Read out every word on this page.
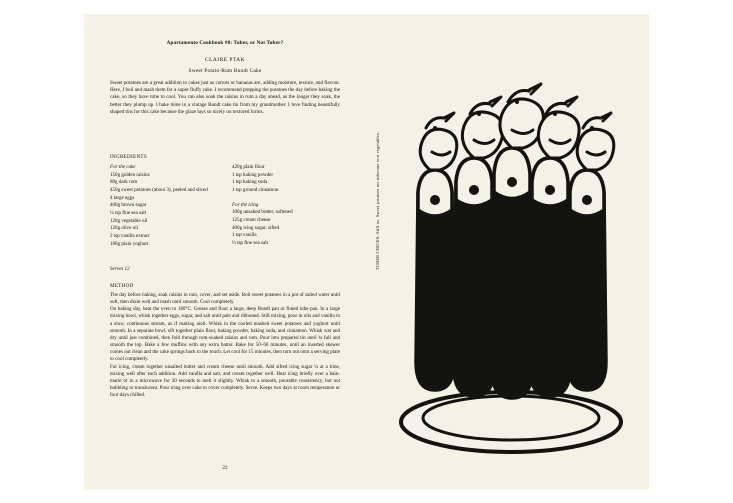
Apartamento Cookbook #8: Tuber, or Not Tuber?
CLAIRE PTAK
Sweet Potato-Rum Bundt Cake
Sweet potatoes are a great addition to cakes just as carrots or bananas are, adding moisture, texture, and flavour. Here, I boil and mash them for a super fluffy cake. I recommend prepping the potatoes the day before baking the cake, so they have time to cool. You can also soak the raisins in rum a day ahead, as the longer they soak, the better they plump up. I bake mine in a vintage Bundt cake tin from my grandmother. I love finding beautifully shaped tins for this cake because the glaze lays so nicely on textured forms.
INGREDIENTS
For the cake
150g golden raisins
80g dark rum
450g sweet potatoes (about 3), peeled and sliced
4 large eggs
400g brown sugar
¼ tsp fine sea salt
120g vegetable oil
120g olive oil
2 tsp vanilla extract
180g plain yoghurt
420g plain flour
1 tsp baking powder
1 tsp baking soda
1 tsp ground cinnamon
For the icing
100g unsalted butter, softened
125g cream cheese
400g icing sugar, sifted
1 tsp vanilla
½ tsp fine sea salt
Serves 12
METHOD

The day before baking, soak raisins in rum, cover, and set aside. Boil sweet potatoes in a pot of salted water until soft, then drain well and mash until smooth. Cool completely.

On baking day, heat the oven to 180°C. Grease and flour a large, deep Bundt pan or fluted tube pan. In a large mixing bowl, whisk together eggs, sugar, and salt until pale and ribboned. Still mixing, pour in oils and vanilla in a slow, continuous stream, as if making aioli. Whisk in the cooled mashed sweet potatoes and yoghurt until smooth. In a separate bowl, sift together plain flour, baking powder, baking soda, and cinnamon. Whisk wet and dry until just combined, then fold through rum-soaked raisins and rum. Pour into prepared tin until ¾ full and smooth the top. Bake a few muffins with any extra batter. Bake for 50–60 minutes, until an inserted skewer comes out clean and the cake springs back to the touch. Let cool for 15 minutes, then turn out onto a serving plate to cool completely.

For icing, cream together unsalted butter and cream cheese until smooth. Add sifted icing sugar ¼ at a time, mixing well after each addition. Add vanilla and salt, and cream together well. Heat icing briefly over a bain-marie or in a microwave for 30 seconds to melt it slightly. Whisk to a smooth, pourable consistency, but not bubbling or translucent. Pour icing over cake to cover completely. Serve. Keeps two days at room temperature or four days chilled.

22
TUBER CHICKS: Still no. Sweet potatoes are tuberous root vegetables.
